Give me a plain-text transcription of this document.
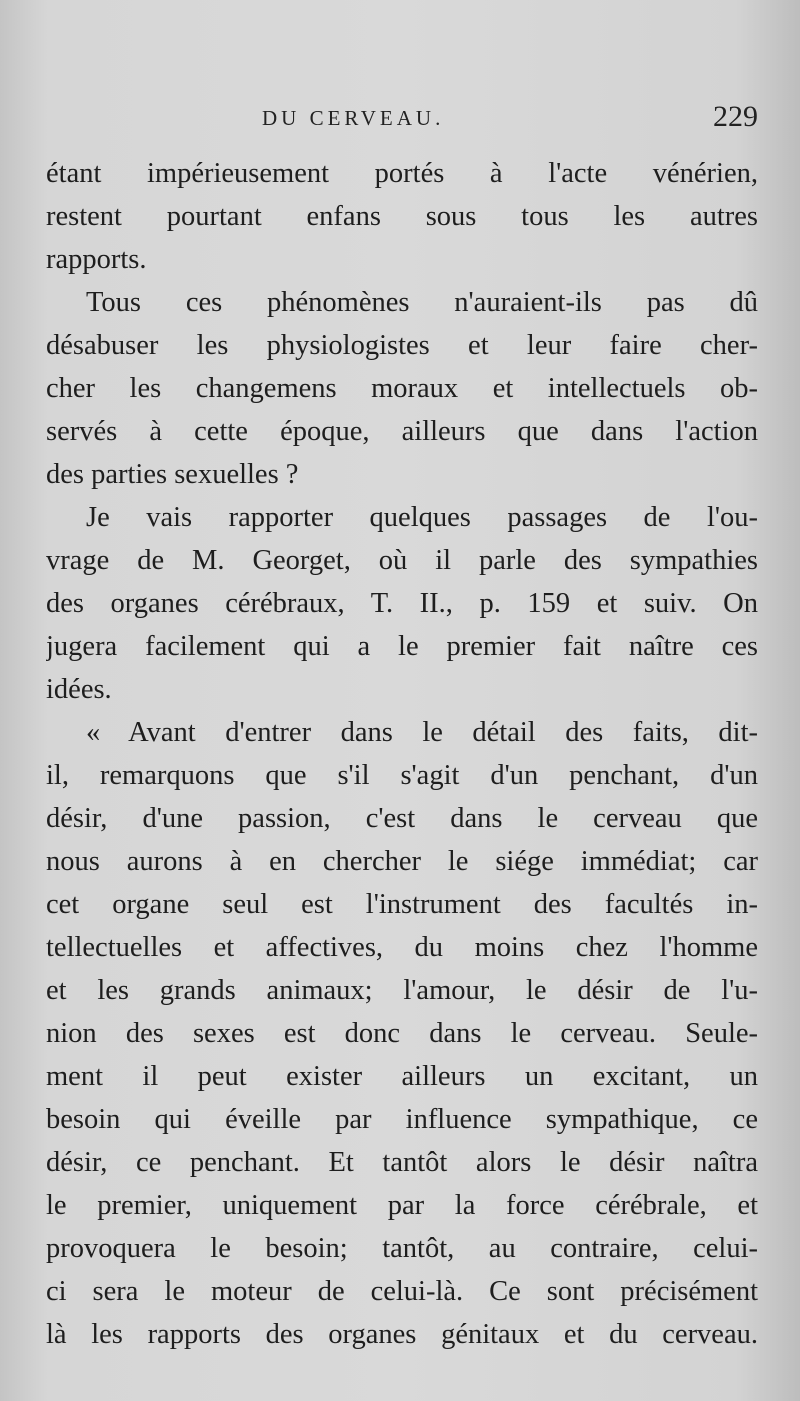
DU CERVEAU.	229
étant impérieusement portés à l'acte vénérien,
restent pourtant enfans sous tous les autres
rapports.
Tous ces phénomènes n'auraient-ils pas dû
désabuser les physiologistes et leur faire cher-
cher les changemens moraux et intellectuels ob-
servés à cette époque, ailleurs que dans l'action
des parties sexuelles ?
Je vais rapporter quelques passages de l'ou-
vrage de M. Georget, où il parle des sympathies
des organes cérébraux, T. II., p. 159 et suiv. On
jugera facilement qui a le premier fait naître ces
idées.
« Avant d'entrer dans le détail des faits, dit-
il, remarquons que s'il s'agit d'un penchant, d'un
désir, d'une passion, c'est dans le cerveau que
nous aurons à en chercher le siége immédiat; car
cet organe seul est l'instrument des facultés in-
tellectuelles et affectives, du moins chez l'homme
et les grands animaux; l'amour, le désir de l'u-
nion des sexes est donc dans le cerveau. Seule-
ment il peut exister ailleurs un excitant, un
besoin qui éveille par influence sympathique, ce
désir, ce penchant. Et tantôt alors le désir naîtra
le premier, uniquement par la force cérébrale, et
provoquera le besoin; tantôt, au contraire, celui-
ci sera le moteur de celui-là. Ce sont précisément
là les rapports des organes génitaux et du cerveau.
